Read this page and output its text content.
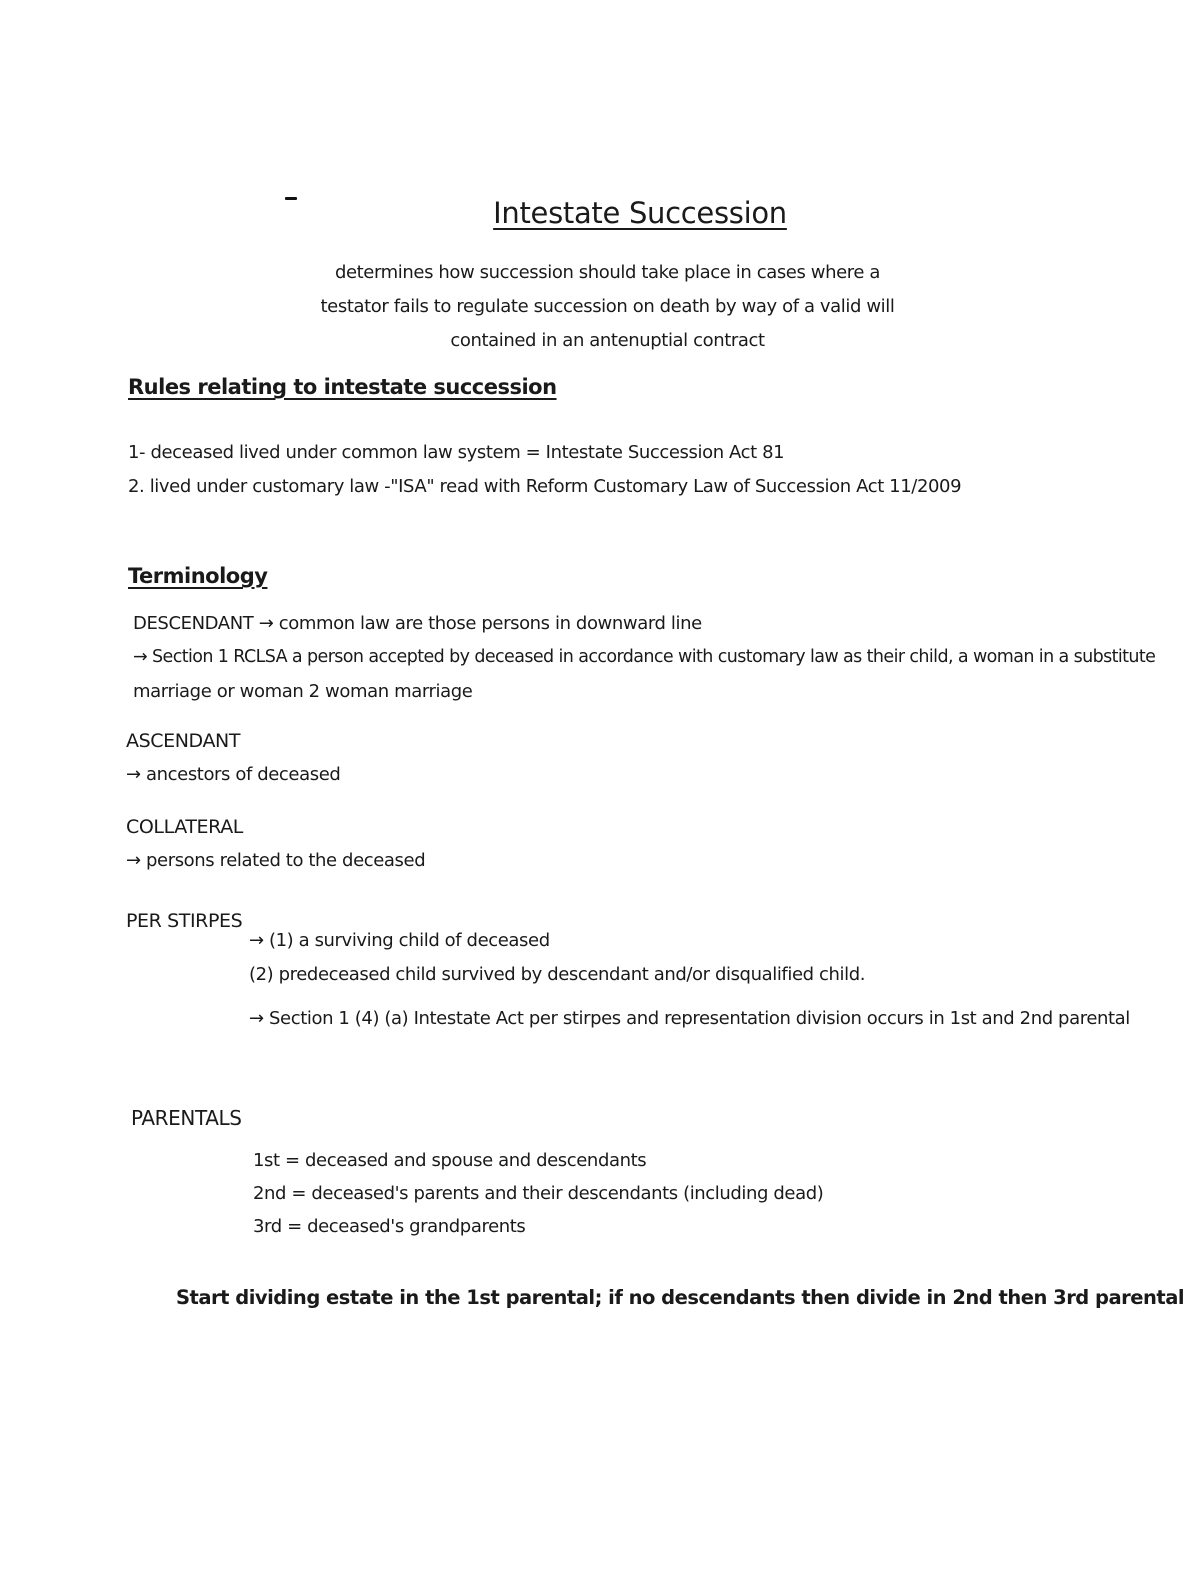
Intestate Succession
determines how succession should take place in cases where a testator fails to regulate succession on death by way of a valid will contained in an antenuptial contract
Rules relating to intestate succession
1- deceased lived under common law system = Intestate Succession Act 81
2. lived under customary law -"ISA" read with Reform Customary Law of Succession Act 11/2009
Terminology
DESCENDANT → common law are those persons in downward line
→ Section 1 RCLSA a person accepted by deceased in accordance with customary law as their child, a woman in a substitute
marriage or woman 2 woman marriage
ASCENDANT
→ ancestors of deceased
COLLATERAL
→ persons related to the deceased
PER STIRPES
→ (1) a surviving child of deceased
(2) predeceased child survived by descendant and/or disqualified child.
→ Section 1 (4) (a) Intestate Act per stirpes and representation division occurs in 1st and 2nd parental
PARENTALS
1st = deceased and spouse and descendants
2nd = deceased's parents and their descendants (including dead)
3rd = deceased's grandparents
Start dividing estate in the 1st parental; if no descendants then divide in 2nd then 3rd parental
